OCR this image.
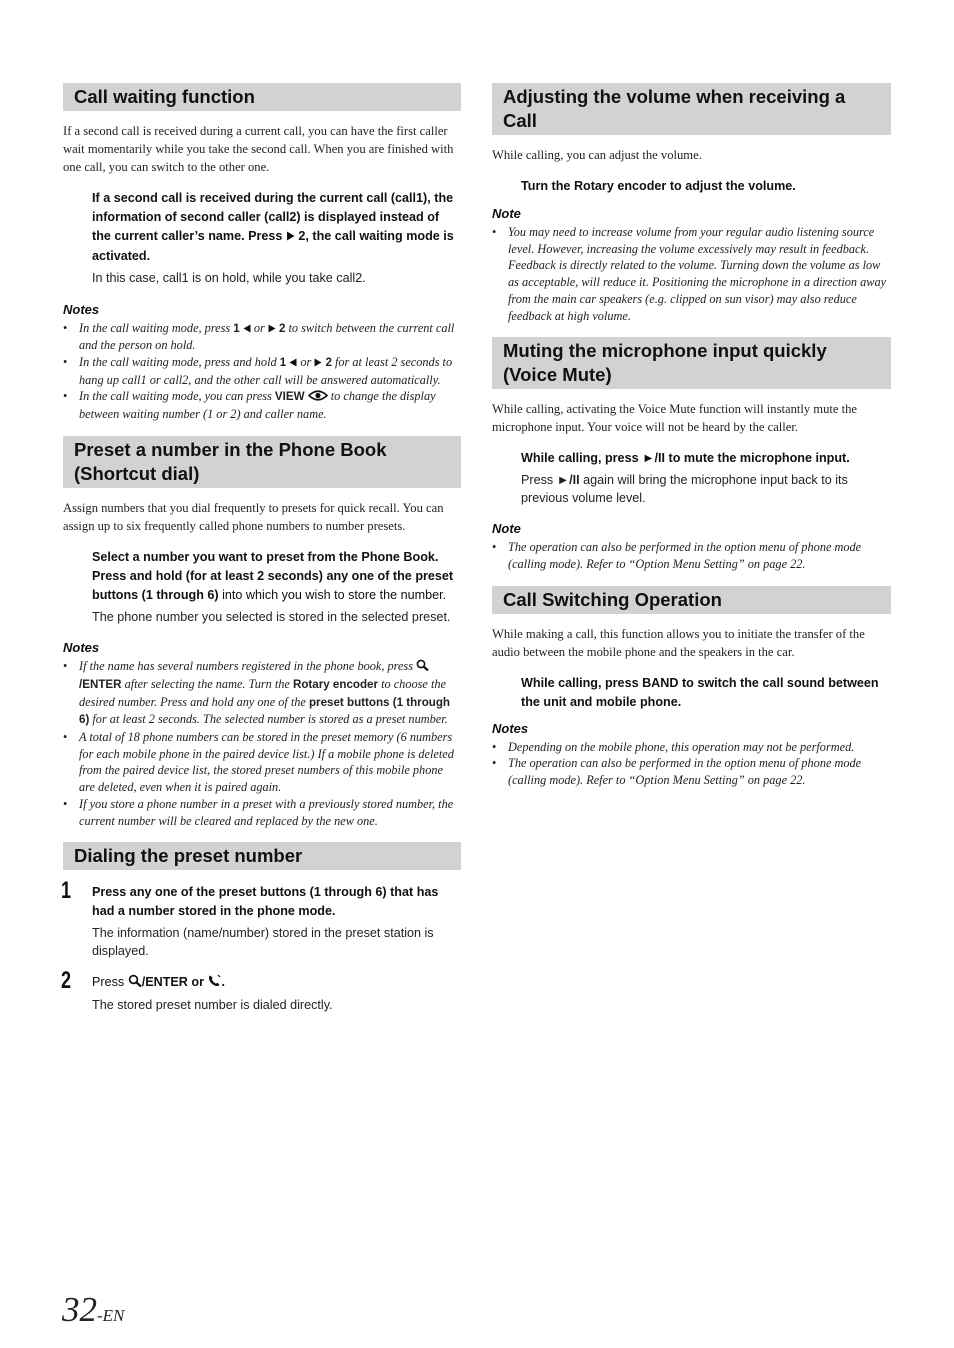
Call waiting function

If a second call is received during a current call, you can have the first caller wait momentarily while you take the second call. When you are finished with one call, you can switch to the other one.

If a second call is received during the current call (call1), the information of second caller (call2) is displayed instead of the current caller’s name. Press  2, the call waiting mode is activated.

In this case, call1 is on hold, while you take call2.

Notes
• In the call waiting mode, press 1  or  2 to switch between the current call and the person on hold.
• In the call waiting mode, press and hold 1  or  2 for at least 2 seconds to hang up call1 or call2, and the other call will be answered automatically.
• In the call waiting mode, you can press VIEW  to change the display between waiting number (1 or 2) and caller name.
Preset a number in the Phone Book (Shortcut dial)

Assign numbers that you dial frequently to presets for quick recall. You can assign up to six frequently called phone numbers to number presets.

Select a number you want to preset from the Phone Book. Press and hold (for at least 2 seconds) any one of the preset buttons (1 through 6) into which you wish to store the number.

The phone number you selected is stored in the selected preset.

Notes
• If the name has several numbers registered in the phone book, press /ENTER after selecting the name. Turn the Rotary encoder to choose the desired number. Press and hold any one of the preset buttons (1 through 6) for at least 2 seconds. The selected number is stored as a preset number.
• A total of 18 phone numbers can be stored in the preset memory (6 numbers for each mobile phone in the paired device list.) If a mobile phone is deleted from the paired device list, the stored preset numbers of this mobile phone are deleted, even when it is paired again.
• If you store a phone number in a preset with a previously stored number, the current number will be cleared and replaced by the new one.
Dialing the preset number
1 Press any one of the preset buttons (1 through 6) that has had a number stored in the phone mode.

The information (name/number) stored in the preset station is displayed.

2 Press /ENTER or .

The stored preset number is dialed directly.

Adjusting the volume when receiving a Call

While calling, you can adjust the volume.

Turn the Rotary encoder to adjust the volume.

Note
• You may need to increase volume from your regular audio listening source level. However, increasing the volume excessively may result in feedback. Feedback is directly related to the volume. Turning down the volume as low as acceptable, will reduce it. Positioning the microphone in a direction away from the main car speakers (e.g. clipped on sun visor) may also reduce feedback at high volume.
Muting the microphone input quickly (Voice Mute)

While calling, activating the Voice Mute function will instantly mute the microphone input. Your voice will not be heard by the caller.

While calling, press ►/II to mute the microphone input.

Press ►/II again will bring the microphone input back to its previous volume level.

Note
• The operation can also be performed in the option menu of phone mode (calling mode). Refer to “Option Menu Setting” on page 22.
Call Switching Operation

While making a call, this function allows you to initiate the transfer of the audio between the mobile phone and the speakers in the car.

While calling, press BAND to switch the call sound between the unit and mobile phone.

Notes
• Depending on the mobile phone, this operation may not be performed.
• The operation can also be performed in the option menu of phone mode (calling mode). Refer to “Option Menu Setting” on page 22.
32-EN
